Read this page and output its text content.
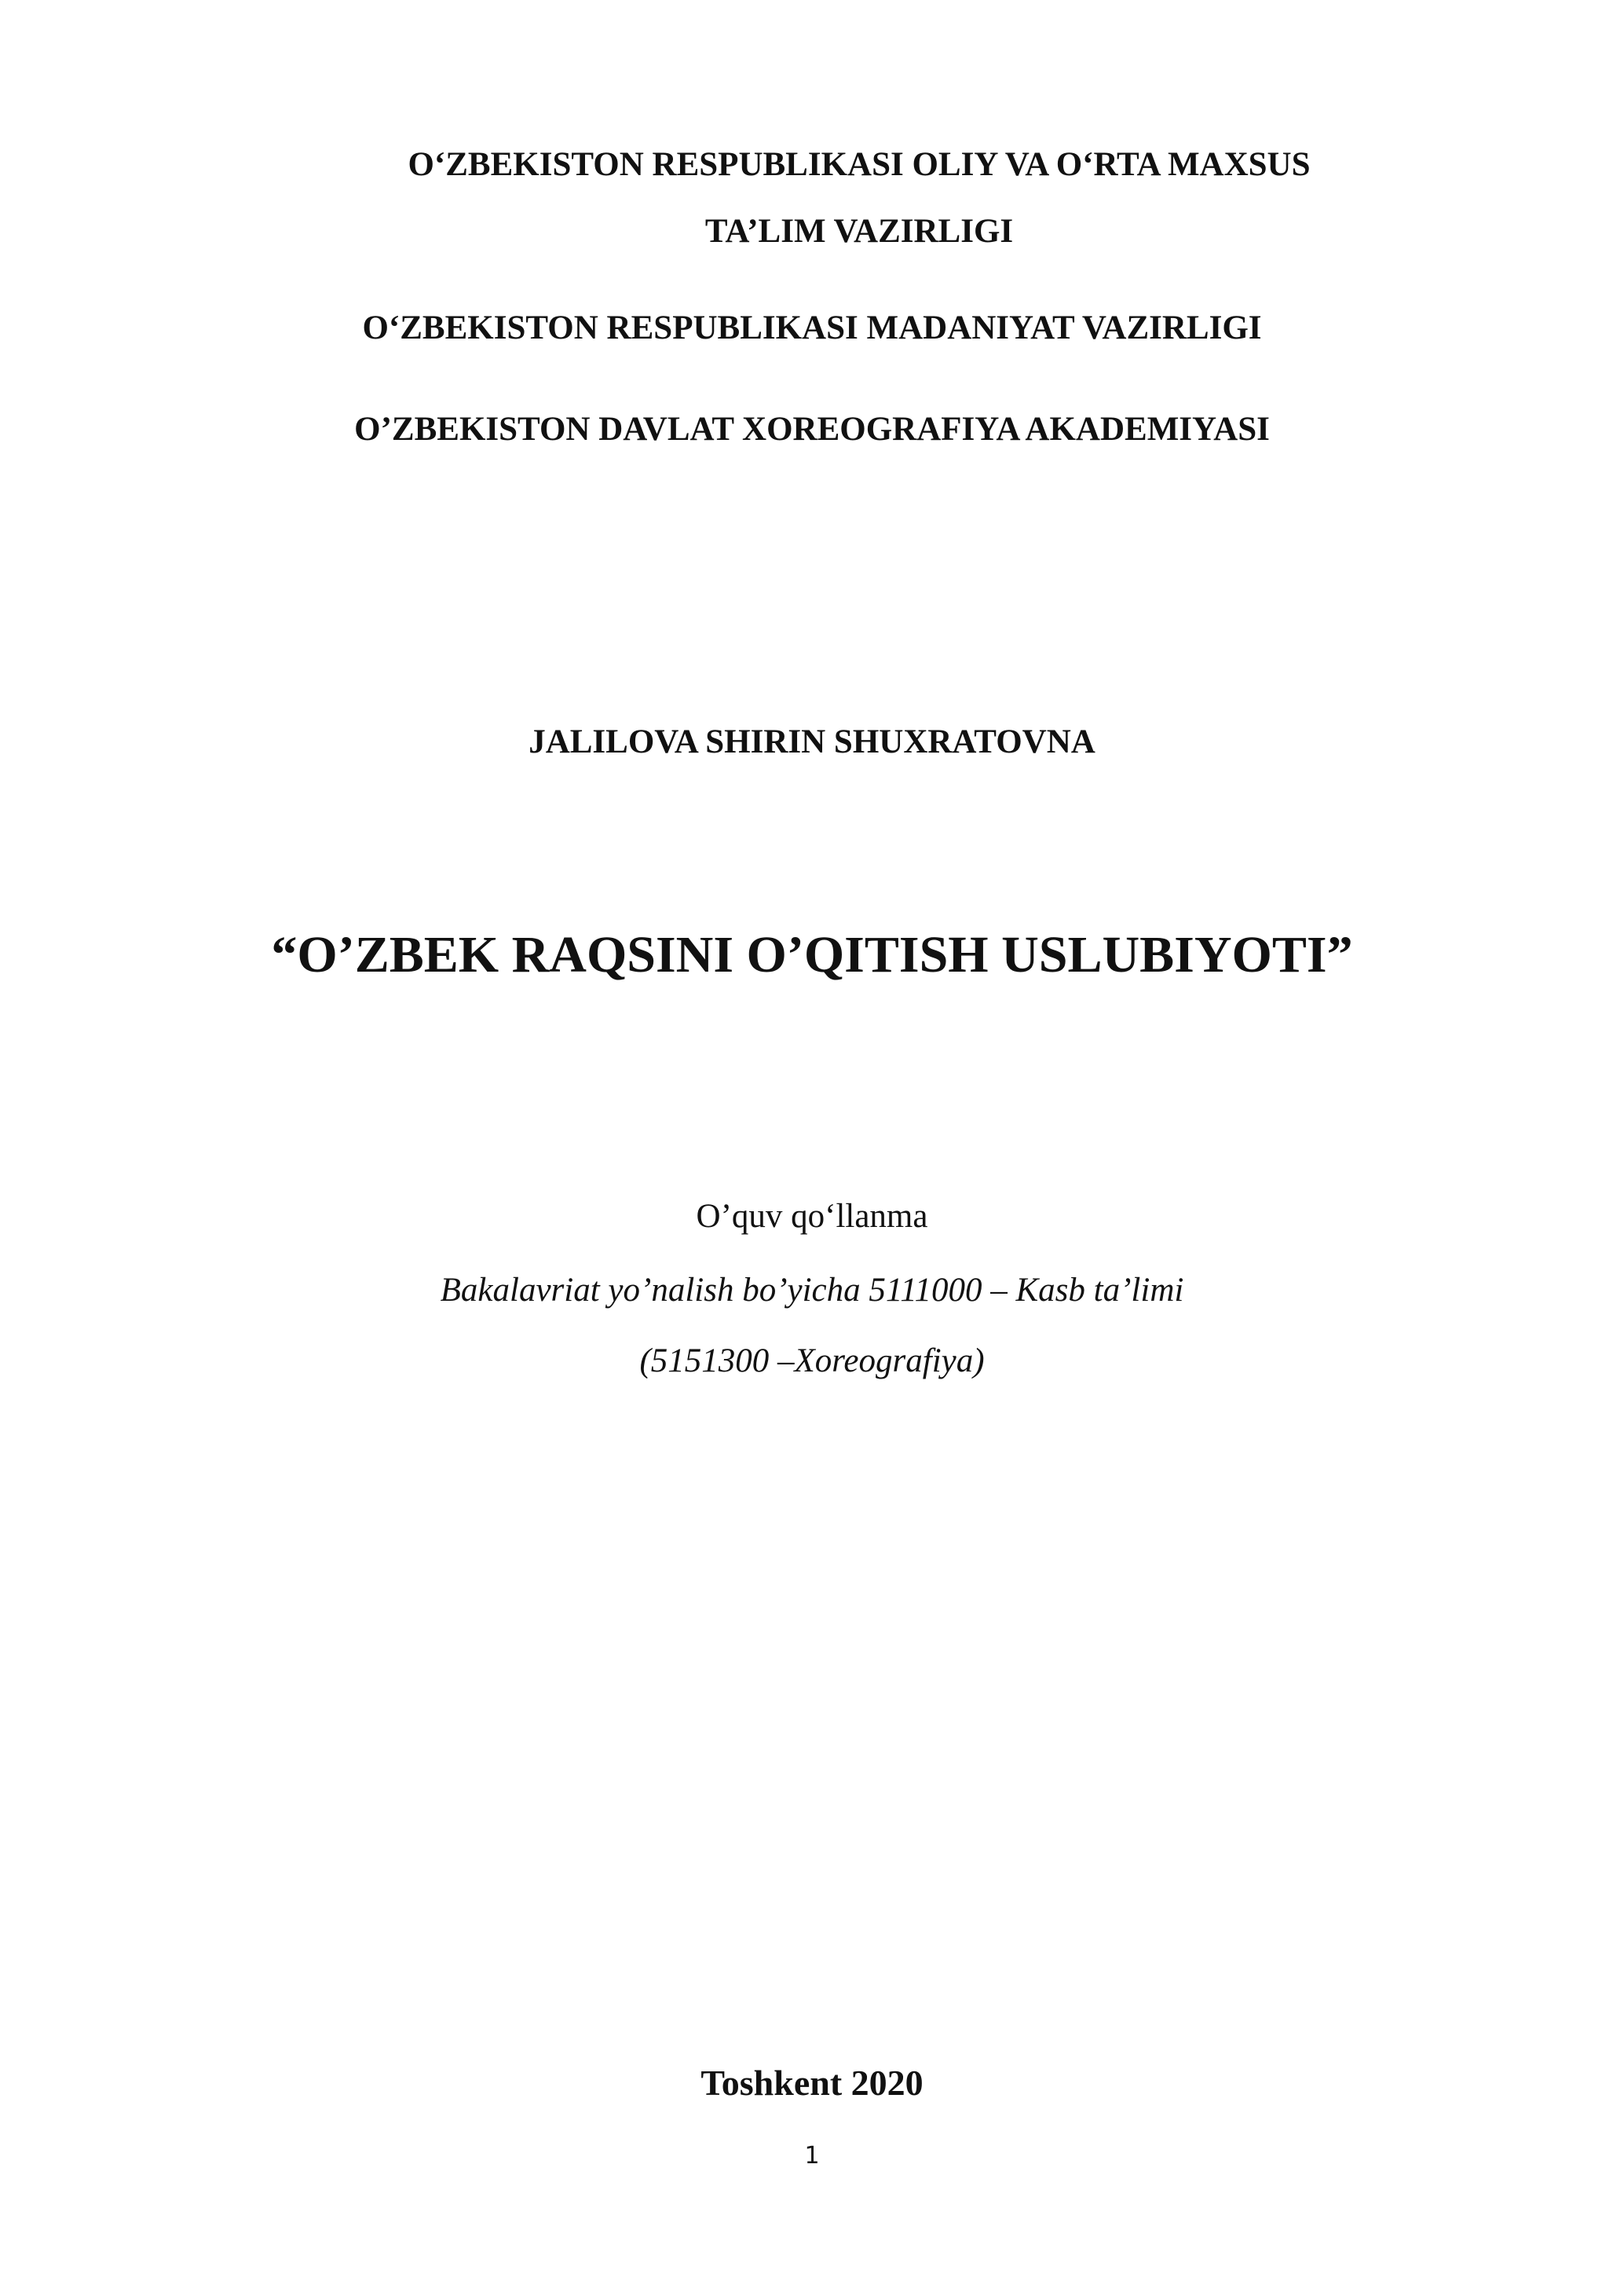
O‘ZBEKISTON RESPUBLIKASI OLIY VA O‘RTA MAXSUS
TA’LIM VAZIRLIGI
O‘ZBEKISTON RESPUBLIKASI MADANIYAT VAZIRLIGI
O’ZBEKISTON DAVLAT XOREOGRAFIYA AKADEMIYASI
JALILOVA SHIRIN SHUXRATOVNA
“O’ZBEK RAQSINI O’QITISH USLUBIYOTI”
O’quv qo‘llanma
Bakalavriat yo’nalish bo’yicha 5111000 – Kasb ta’limi
(5151300 –Xoreografiya)
Toshkent 2020
1
